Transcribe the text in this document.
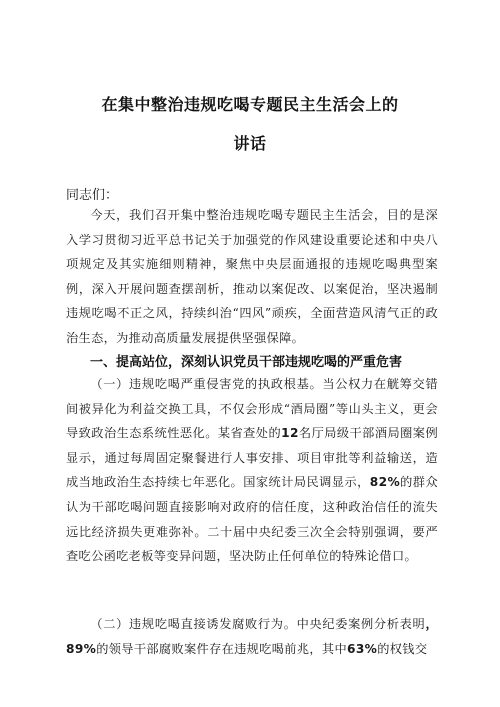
在集中整治违规吃喝专题民主生活会上的
讲话
同志们：

今天，我们召开集中整治违规吃喝专题民主生活会，目的是深入学习贯彻习近平总书记关于加强党的作风建设重要论述和中央八项规定及其实施细则精神，聚焦中央层面通报的违规吃喝典型案例，深入开展问题查摆剖析，推动以案促改、以案促治，坚决遏制违规吃喝不正之风，持续纠治“四风”顽疾，全面营造风清气正的政治生态，为推动高质量发展提供坚强保障。

一、提高站位，深刻认识党员干部违规吃喝的严重危害

（一）违规吃喝严重侵害党的执政根基。当公权力在觥筹交错间被异化为利益交换工具，不仅会形成“酒局圈”等山头主义，更会导致政治生态系统性恶化。某省查处的12名厅局级干部酒局圈案例显示，通过每周固定聚餐进行人事安排、项目审批等利益输送，造成当地政治生态持续七年恶化。国家统计局民调显示，82%的群众认为干部吃喝问题直接影响对政府的信任度，这种政治信任的流失远比经济损失更难弥补。二十届中央纪委三次全会特别强调，要严查吃公函吃老板等变异问题，坚决防止任何单位的特殊论借口。

（二）违规吃喝直接诱发腐败行为。中央纪委案例分析表明，89%的领导干部腐败案件存在违规吃喝前兆，其中63%的权钱交
